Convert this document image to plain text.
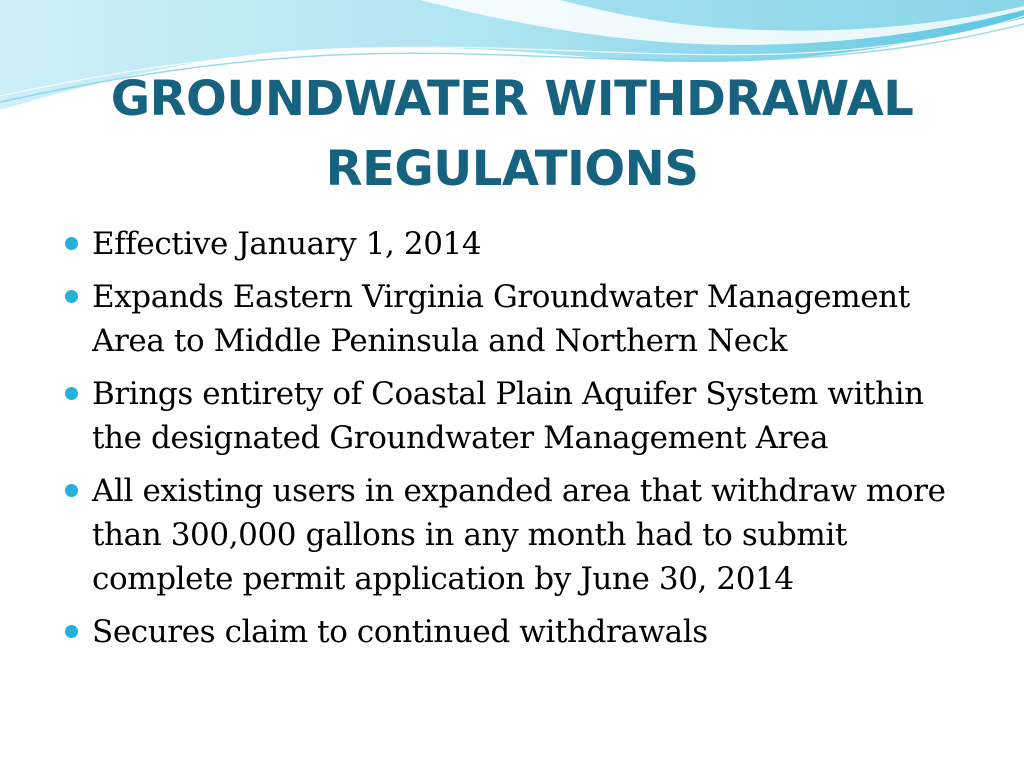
GROUNDWATER WITHDRAWAL
REGULATIONS
Effective January 1, 2014
Expands Eastern Virginia Groundwater Management Area to Middle Peninsula and Northern Neck
Brings entirety of Coastal Plain Aquifer System within the designated Groundwater Management Area
All existing users in expanded area that withdraw more than 300,000 gallons in any month had to submit complete permit application by June 30, 2014
Secures claim to continued withdrawals
